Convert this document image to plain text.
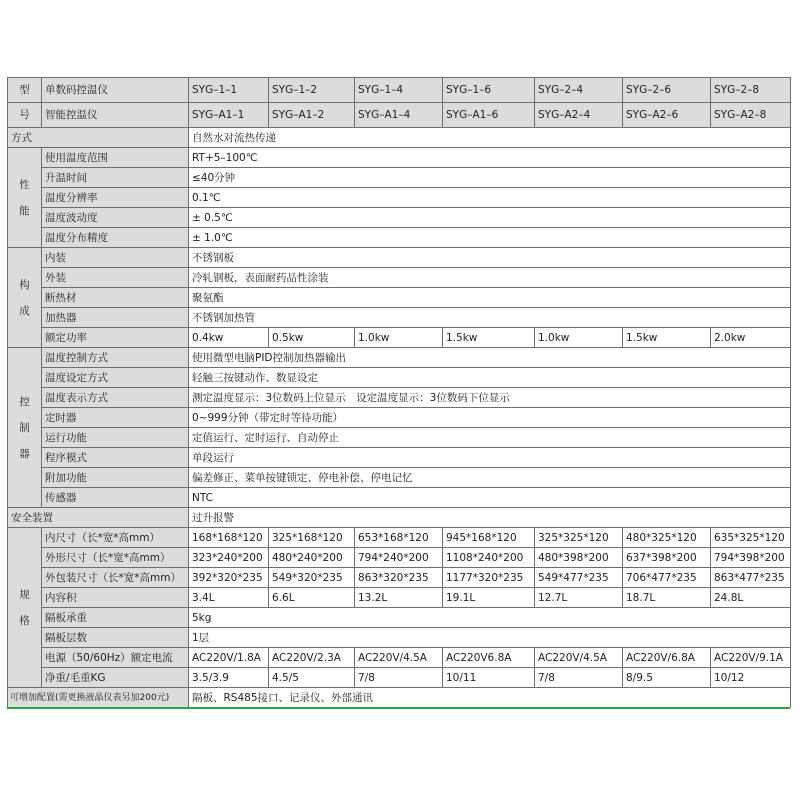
型	单数码控温仪	SYG–1–1	SYG–1–2	SYG–1–4	SYG–1–6	SYG–2–4	SYG–2–6	SYG–2–8
号	智能控温仪	SYG–A1–1	SYG–A1–2	SYG–A1–4	SYG–A1–6	SYG–A2–4	SYG–A2–6	SYG–A2–8
方式		自然水对流热传递						
性能	使用温度范围	RT+5–100℃						
	升温时间	≤40分钟						
	温度分辨率	0.1℃						
	温度波动度	± 0.5℃						
	温度分布精度	± 1.0℃						
构成	内装	不锈钢板						
	外装	冷轧钢板，表面耐药品性涂装						
	断热材	聚氨酯						
	加热器	不锈钢加热管						
	额定功率	0.4kw	0.5kw	1.0kw	1.5kw	1.0kw	1.5kw	2.0kw
控制器	温度控制方式	使用微型电脑PID控制加热器输出						
	温度设定方式	轻触三按键动作、数显设定						
	温度表示方式	测定温度显示：3位数码上位显示　设定温度显示：3位数码下位显示						
	定时器	0~999分钟（带定时等待功能）						
	运行功能	定值运行、定时运行、自动停止						
	程序模式	单段运行						
	附加功能	偏差修正、菜单按键锁定、停电补偿、停电记忆						
	传感器	NTC						
安全装置		过升报警						
规格	内尺寸（长*宽*高mm）	168*168*120	325*168*120	653*168*120	945*168*120	325*325*120	480*325*120	635*325*120
	外形尺寸（长*宽*高mm）	323*240*200	480*240*200	794*240*200	1108*240*200	480*398*200	637*398*200	794*398*200
	外包装尺寸（长*宽*高mm）	392*320*235	549*320*235	863*320*235	1177*320*235	549*477*235	706*477*235	863*477*235
	内容积	3.4L	6.6L	13.2L	19.1L	12.7L	18.7L	24.8L
	隔板承重	5kg						
	隔板层数	1层						
	电源（50/60Hz）额定电流	AC220V/1.8A	AC220V/2.3A	AC220V/4.5A	AC220V6.8A	AC220V/4.5A	AC220V/6.8A	AC220V/9.1A
	净重/毛重KG	3.5/3.9	4.5/5	7/8	10/11	7/8	8/9.5	10/12
可增加配置(需更换液晶仪表另加200元)		隔板、RS485接口、记录仪、外部通讯						
